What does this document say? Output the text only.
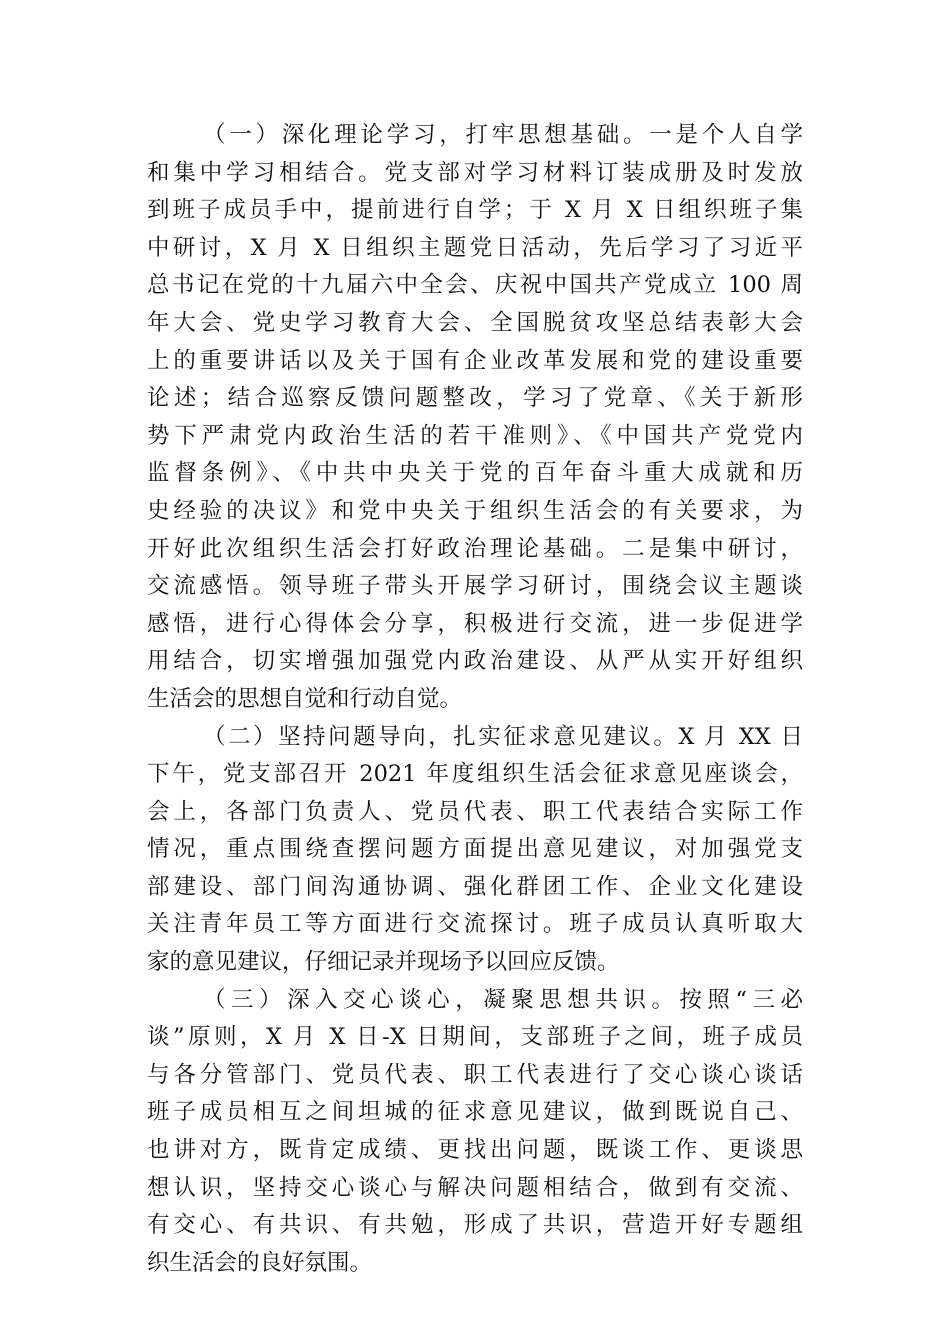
（一）深化理论学习，打牢思想基础。一是个人自学
和集中学习相结合。党支部对学习材料订装成册及时发放
到班子成员手中，提前进行自学；于 X 月 X 日组织班子集
中研讨，X 月 X 日组织主题党日活动，先后学习了习近平
总书记在党的十九届六中全会、庆祝中国共产党成立 100 周
年大会、党史学习教育大会、全国脱贫攻坚总结表彰大会
上的重要讲话以及关于国有企业改革发展和党的建设重要
论述；结合巡察反馈问题整改，学习了党章、《关于新形
势下严肃党内政治生活的若干准则》、《中国共产党党内
监督条例》、《中共中央关于党的百年奋斗重大成就和历
史经验的决议》和党中央关于组织生活会的有关要求，为
开好此次组织生活会打好政治理论基础。二是集中研讨，
交流感悟。领导班子带头开展学习研讨，围绕会议主题谈
感悟，进行心得体会分享，积极进行交流，进一步促进学
用结合，切实增强加强党内政治建设、从严从实开好组织
生活会的思想自觉和行动自觉。
（二）坚持问题导向，扎实征求意见建议。X 月 XX 日
下午，党支部召开 2021 年度组织生活会征求意见座谈会，
会上，各部门负责人、党员代表、职工代表结合实际工作
情况，重点围绕查摆问题方面提出意见建议，对加强党支
部建设、部门间沟通协调、强化群团工作、企业文化建设
关注青年员工等方面进行交流探讨。班子成员认真听取大
家的意见建议，仔细记录并现场予以回应反馈。
（三）深入交心谈心，凝聚思想共识。按照“三必
谈”原则，X 月 X 日-X 日期间，支部班子之间，班子成员
与各分管部门、党员代表、职工代表进行了交心谈心谈话
班子成员相互之间坦城的征求意见建议，做到既说自己、
也讲对方，既肯定成绩、更找出问题，既谈工作、更谈思
想认识，坚持交心谈心与解决问题相结合，做到有交流、
有交心、有共识、有共勉，形成了共识，营造开好专题组
织生活会的良好氛围。
